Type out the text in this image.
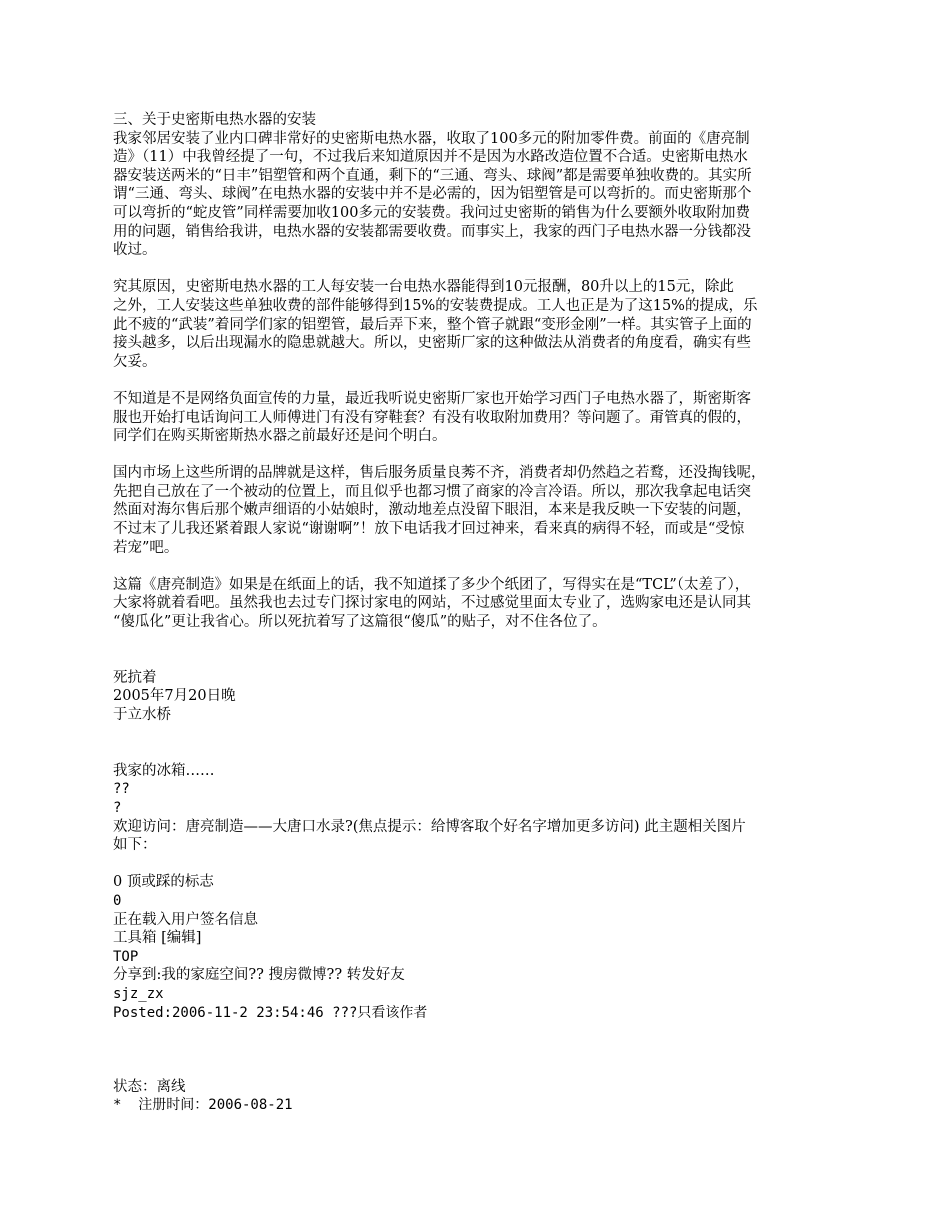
三、关于史密斯电热水器的安装
我家邻居安装了业内口碑非常好的史密斯电热水器，收取了100多元的附加零件费。前面的《唐亮制
造》（11）中我曾经提了一句，不过我后来知道原因并不是因为水路改造位置不合适。史密斯电热水
器安装送两米的“日丰”铝塑管和两个直通，剩下的“三通、弯头、球阀”都是需要单独收费的。其实所
谓“三通、弯头、球阀”在电热水器的安装中并不是必需的，因为铝塑管是可以弯折的。而史密斯那个
可以弯折的“蛇皮管”同样需要加收100多元的安装费。我问过史密斯的销售为什么要额外收取附加费
用的问题，销售给我讲，电热水器的安装都需要收费。而事实上，我家的西门子电热水器一分钱都没
收过。
究其原因，史密斯电热水器的工人每安装一台电热水器能得到10元报酬，80升以上的15元，除此
之外，工人安装这些单独收费的部件能够得到15%的安装费提成。工人也正是为了这15%的提成，乐
此不疲的“武装”着同学们家的铝塑管，最后弄下来，整个管子就跟“变形金刚”一样。其实管子上面的
接头越多，以后出现漏水的隐患就越大。所以，史密斯厂家的这种做法从消费者的角度看，确实有些
欠妥。
不知道是不是网络负面宣传的力量，最近我听说史密斯厂家也开始学习西门子电热水器了，斯密斯客
服也开始打电话询问工人师傅进门有没有穿鞋套？有没有收取附加费用？等问题了。甭管真的假的，
同学们在购买斯密斯热水器之前最好还是问个明白。
国内市场上这些所谓的品牌就是这样，售后服务质量良莠不齐，消费者却仍然趋之若鹜，还没掏钱呢，
先把自己放在了一个被动的位置上，而且似乎也都习惯了商家的冷言冷语。所以，那次我拿起电话突
然面对海尔售后那个嫩声细语的小姑娘时，激动地差点没留下眼泪，本来是我反映一下安装的问题，
不过末了儿我还紧着跟人家说“谢谢啊”！放下电话我才回过神来，看来真的病得不轻，而或是“受惊
若宠”吧。
这篇《唐亮制造》如果是在纸面上的话，我不知道揉了多少个纸团了，写得实在是“TCL”（太差了），
大家将就着看吧。虽然我也去过专门探讨家电的网站，不过感觉里面太专业了，选购家电还是认同其
“傻瓜化”更让我省心。所以死抗着写了这篇很“傻瓜”的贴子，对不住各位了。
死抗着
2005年7月20日晚
于立水桥
我家的冰箱……
??
?
欢迎访问：唐亮制造——大唐口水录?(焦点提示：给博客取个好名字增加更多访问) 此主题相关图片
如下：
0 顶或踩的标志
0
正在载入用户签名信息
工具箱 [编辑]
TOP
分享到:我的家庭空间?? 搜房微博?? 转发好友
sjz_zx
Posted:2006-11-2 23:54:46 ???只看该作者
状态：离线
*  注册时间：2006-08-21
